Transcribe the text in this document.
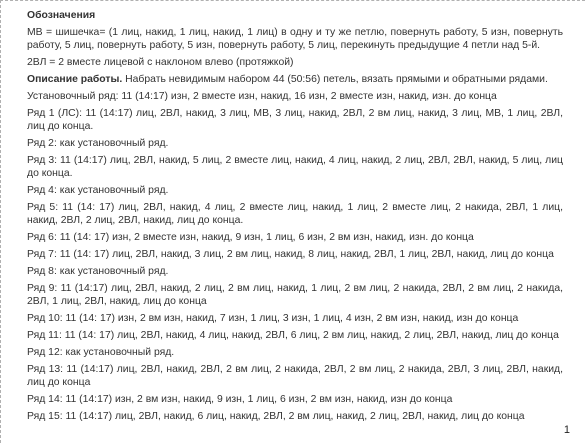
Обозначения

МВ = шишечка= (1 лиц, накид, 1 лиц, накид, 1 лиц) в одну и ту же петлю, повернуть работу, 5 изн, повернуть работу, 5 лиц, повернуть работу, 5 изн, повернуть работу, 5 лиц, перекинуть предыдущие 4 петли над 5-й.

2ВЛ = 2 вместе лицевой с наклоном влево (протяжкой)

Описание работы. Набрать невидимым набором 44 (50:56) петель, вязать прямыми и обратными рядами.

Установочный ряд: 11 (14:17) изн, 2 вместе изн, накид, 16 изн, 2 вместе изн, накид, изн. до конца

Ряд 1 (ЛС): 11 (14:17) лиц, 2ВЛ, накид, 3 лиц, МВ, 3 лиц, накид, 2ВЛ, 2 вм лиц, накид, 3 лиц, МВ, 1 лиц, 2ВЛ, лиц до конца.

Ряд 2: как установочный ряд.

Ряд 3: 11 (14:17) лиц, 2ВЛ, накид, 5 лиц, 2 вместе лиц, накид, 4 лиц, накид, 2 лиц, 2ВЛ, 2ВЛ, накид, 5 лиц, лиц до конца.

Ряд 4: как установочный ряд.

Ряд 5: 11 (14: 17) лиц, 2ВЛ, накид, 4 лиц, 2 вместе лиц, накид, 1 лиц, 2 вместе лиц, 2 накида, 2ВЛ, 1 лиц, накид, 2ВЛ, 2 лиц, 2ВЛ, накид, лиц до конца.

Ряд 6: 11 (14: 17) изн, 2 вместе изн, накид, 9 изн, 1 лиц, 6 изн, 2 вм изн, накид, изн. до конца

Ряд 7: 11 (14: 17) лиц, 2ВЛ, накид, 3 лиц, 2 вм лиц, накид, 8 лиц, накид, 2ВЛ, 1 лиц, 2ВЛ, накид, лиц до конца

Ряд 8: как установочный ряд.

Ряд 9: 11 (14:17) лиц, 2ВЛ, накид, 2 лиц, 2 вм лиц, накид, 1 лиц, 2 вм лиц, 2 накида, 2ВЛ, 2 вм лиц, 2 накида, 2ВЛ, 1 лиц, 2ВЛ, накид, лиц до конца

Ряд 10: 11 (14: 17) изн, 2 вм изн, накид, 7 изн, 1 лиц, 3 изн, 1 лиц, 4 изн, 2 вм изн, накид, изн до конца

Ряд 11: 11 (14: 17) лиц, 2ВЛ, накид, 4 лиц, накид, 2ВЛ, 6 лиц, 2 вм лиц, накид, 2 лиц, 2ВЛ, накид, лиц до конца

Ряд 12: как установочный ряд.

Ряд 13: 11 (14:17) лиц, 2ВЛ, накид, 2ВЛ, 2 вм лиц, 2 накида, 2ВЛ, 2 вм лиц, 2 накида, 2ВЛ, 3 лиц, 2ВЛ, накид, лиц до конца

Ряд 14: 11 (14:17) изн, 2 вм изн, накид, 9 изн, 1 лиц, 6 изн, 2 вм изн, накид, изн до конца

Ряд 15: 11 (14:17) лиц, 2ВЛ, накид, 6 лиц, накид, 2ВЛ, 2 вм лиц, накид, 2 лиц, 2ВЛ, накид, лиц до конца

1
